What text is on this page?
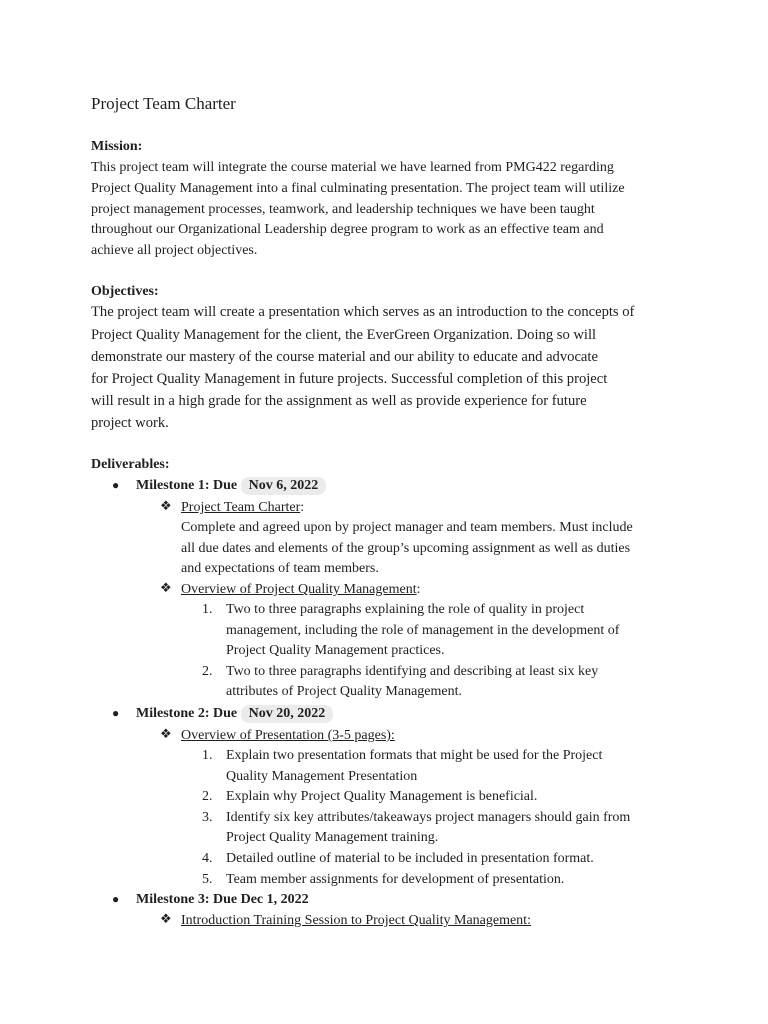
Project Team Charter
Mission:
This project team will integrate the course material we have learned from PMG422 regarding
Project Quality Management into a final culminating presentation. The project team will utilize
project management processes, teamwork, and leadership techniques we have been taught
throughout our Organizational Leadership degree program to work as an effective team and
achieve all project objectives.
Objectives:
The project team will create a presentation which serves as an introduction to the concepts of
Project Quality Management for the client, the EverGreen Organization. Doing so will
demonstrate our mastery of the course material and our ability to educate and advocate
for Project Quality Management in future projects. Successful completion of this project
will result in a high grade for the assignment as well as provide experience for future
project work.
Deliverables:
● Milestone 1: Due Nov 6, 2022
❖ Project Team Charter:
Complete and agreed upon by project manager and team members. Must include
all due dates and elements of the group’s upcoming assignment as well as duties
and expectations of team members.
❖ Overview of Project Quality Management:
1. Two to three paragraphs explaining the role of quality in project
management, including the role of management in the development of
Project Quality Management practices.
2. Two to three paragraphs identifying and describing at least six key
attributes of Project Quality Management.
● Milestone 2: Due Nov 20, 2022
❖ Overview of Presentation (3-5 pages):
1. Explain two presentation formats that might be used for the Project
Quality Management Presentation
2. Explain why Project Quality Management is beneficial.
3. Identify six key attributes/takeaways project managers should gain from
Project Quality Management training.
4. Detailed outline of material to be included in presentation format.
5. Team member assignments for development of presentation.
● Milestone 3: Due Dec 1, 2022
❖ Introduction Training Session to Project Quality Management:
